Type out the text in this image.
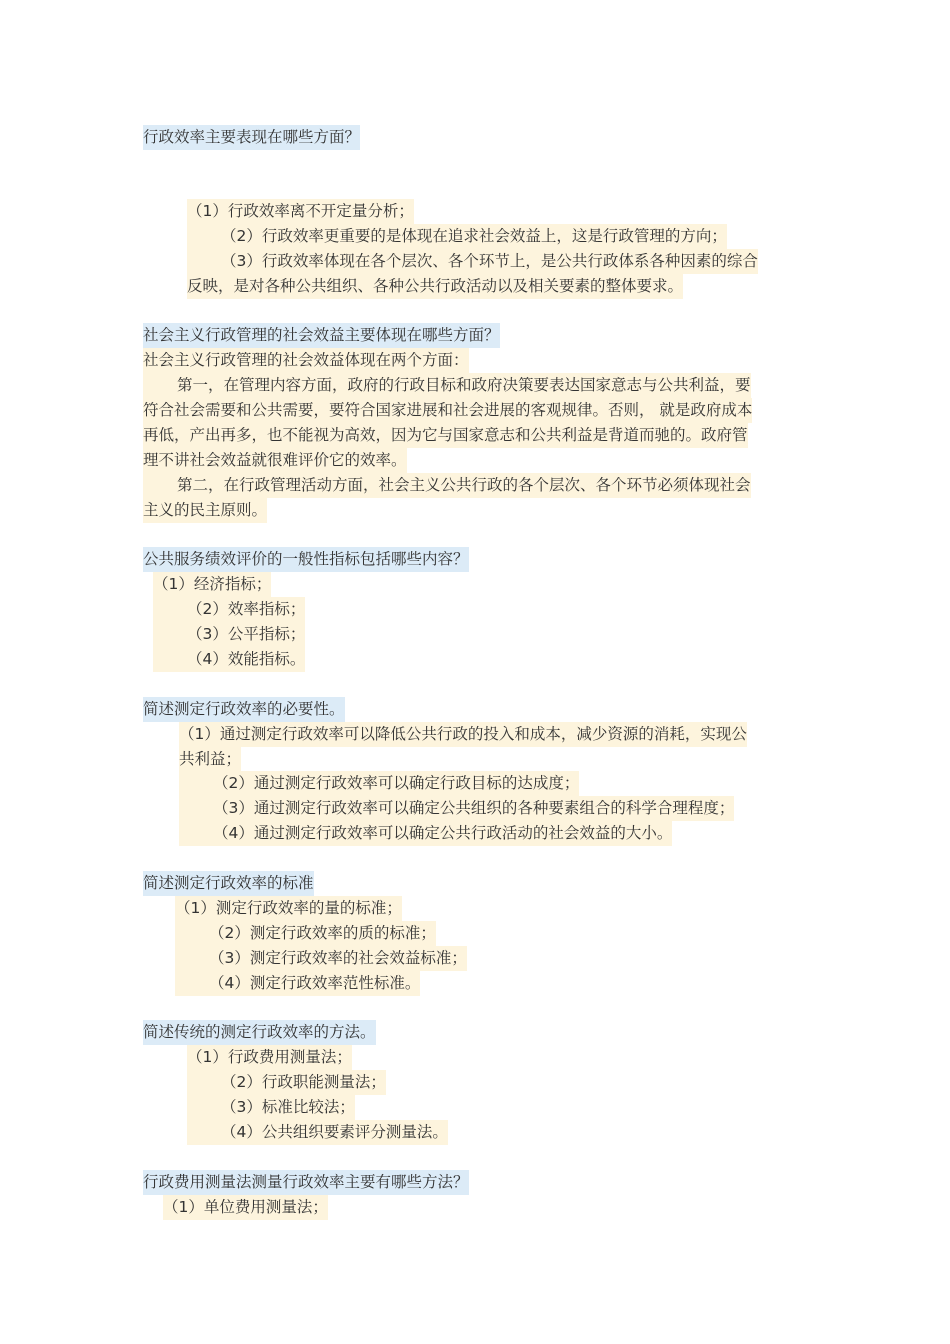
行政效率主要表现在哪些方面？
（1）行政效率离不开定量分析；
（2）行政效率更重要的是体现在追求社会效益上，这是行政管理的方向；
（3）行政效率体现在各个层次、各个环节上，是公共行政体系各种因素的综合
反映，是对各种公共组织、各种公共行政活动以及相关要素的整体要求。
社会主义行政管理的社会效益主要体现在哪些方面？
社会主义行政管理的社会效益体现在两个方面：
第一，在管理内容方面，政府的行政目标和政府决策要表达国家意志与公共利益，要
符合社会需要和公共需要，要符合国家进展和社会进展的客观规律。否则， 就是政府成本
再低，产出再多，也不能视为高效，因为它与国家意志和公共利益是背道而驰的。政府管
理不讲社会效益就很难评价它的效率。
第二，在行政管理活动方面，社会主义公共行政的各个层次、各个环节必须体现社会
主义的民主原则。
公共服务绩效评价的一般性指标包括哪些内容？
（1）经济指标；
（2）效率指标；
（3）公平指标；
（4）效能指标。
简述测定行政效率的必要性。
（1）通过测定行政效率可以降低公共行政的投入和成本，减少资源的消耗，实现公
共利益；
（2）通过测定行政效率可以确定行政目标的达成度；
（3）通过测定行政效率可以确定公共组织的各种要素组合的科学合理程度；
（4）通过测定行政效率可以确定公共行政活动的社会效益的大小。
简述测定行政效率的标准
（1）测定行政效率的量的标准；
（2）测定行政效率的质的标准；
（3）测定行政效率的社会效益标准；
（4）测定行政效率范性标准。
简述传统的测定行政效率的方法。
（1）行政费用测量法；
（2）行政职能测量法；
（3）标准比较法；
（4）公共组织要素评分测量法。
行政费用测量法测量行政效率主要有哪些方法？
（1）单位费用测量法；
